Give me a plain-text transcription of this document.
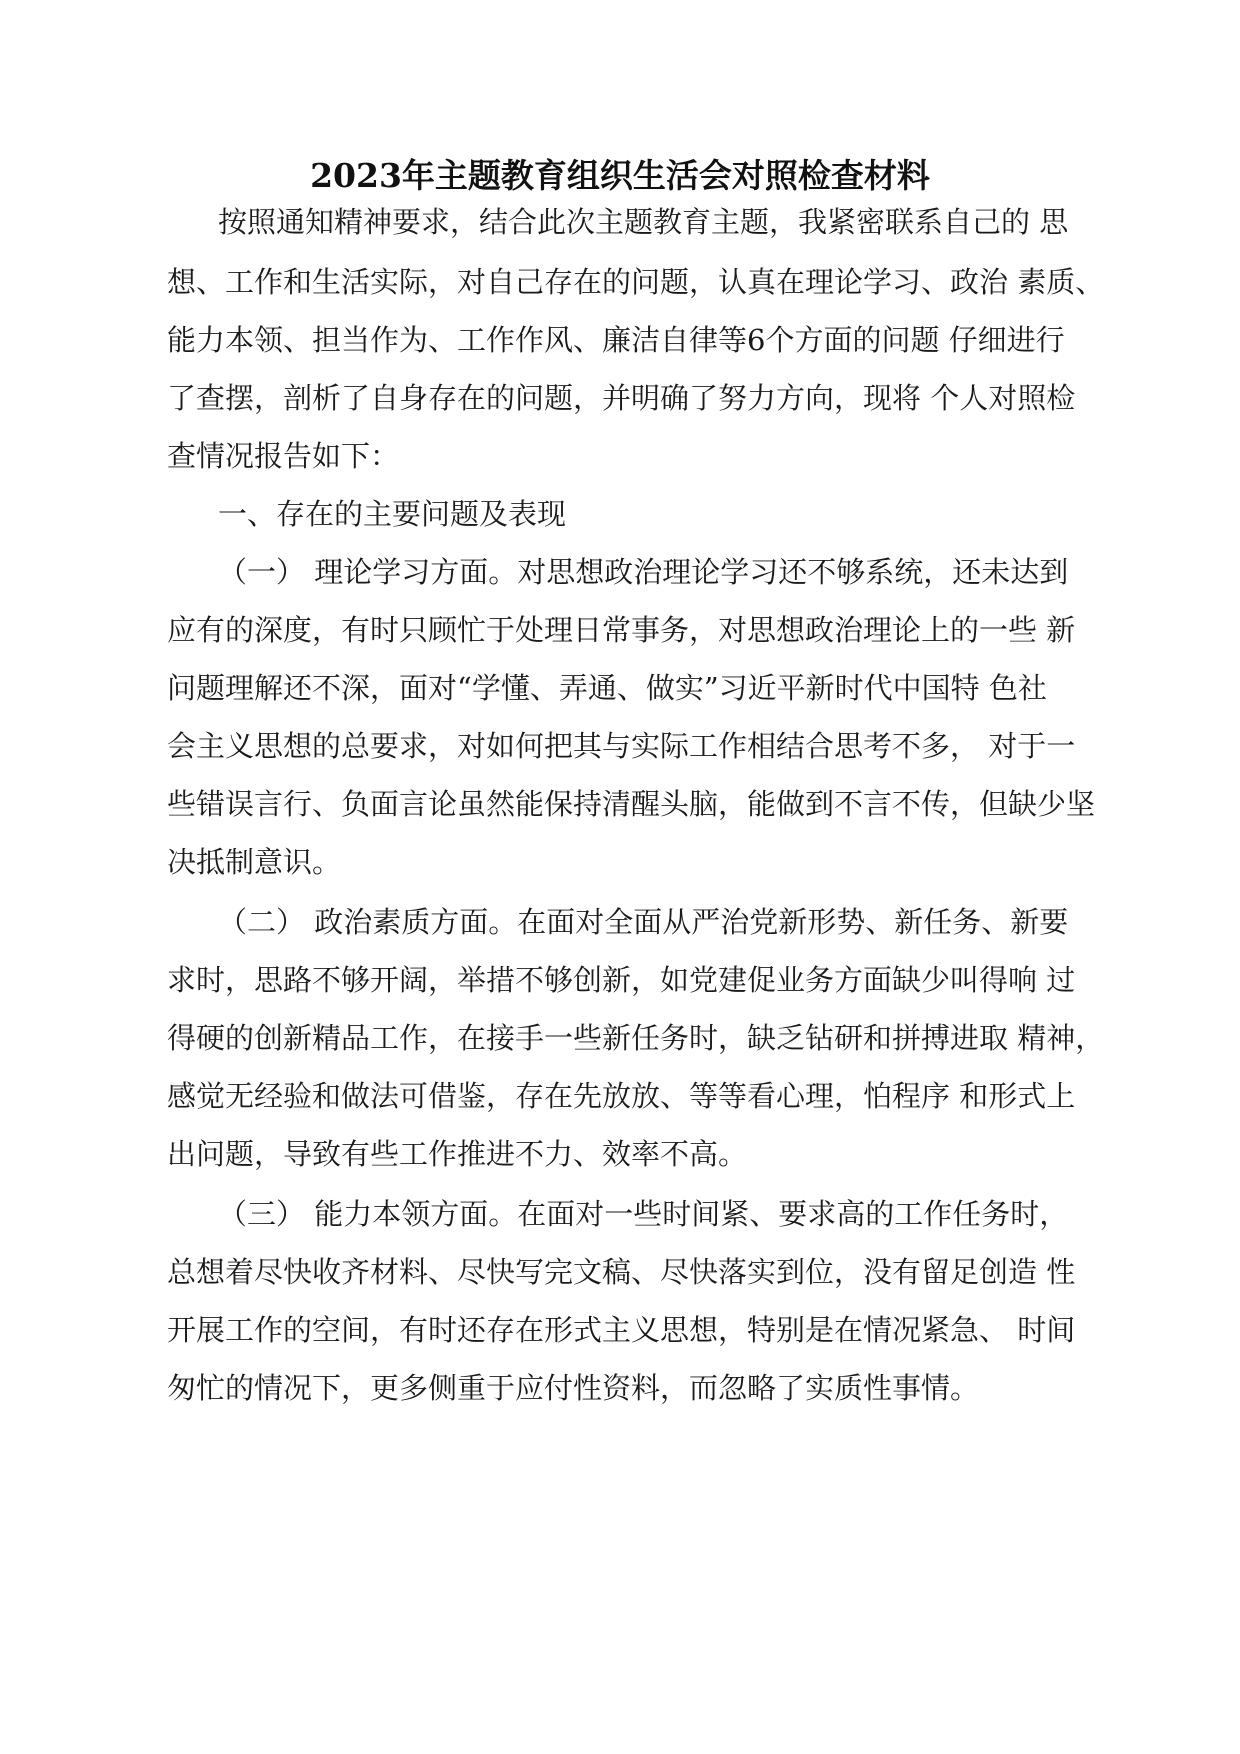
2023年主题教育组织生活会对照检查材料
按照通知精神要求，结合此次主题教育主题，我紧密联系自己的 思
想、工作和生活实际，对自己存在的问题，认真在理论学习、政治 素质、
能力本领、担当作为、工作作风、廉洁自律等6个方面的问题 仔细进行
了查摆，剖析了自身存在的问题，并明确了努力方向，现将 个人对照检
查情况报告如下：
一、存在的主要问题及表现
（一） 理论学习方面。对思想政治理论学习还不够系统，还未达到
应有的深度，有时只顾忙于处理日常事务，对思想政治理论上的一些 新
问题理解还不深，面对“学懂、弄通、做实”习近平新时代中国特 色社
会主义思想的总要求，对如何把其与实际工作相结合思考不多， 对于一
些错误言行、负面言论虽然能保持清醒头脑，能做到不言不传，但缺少坚
决抵制意识。
（二） 政治素质方面。在面对全面从严治党新形势、新任务、新要
求时，思路不够开阔，举措不够创新，如党建促业务方面缺少叫得响 过
得硬的创新精品工作，在接手一些新任务时，缺乏钻研和拼搏进取 精神，
感觉无经验和做法可借鉴，存在先放放、等等看心理，怕程序 和形式上
出问题，导致有些工作推进不力、效率不高。
（三） 能力本领方面。在面对一些时间紧、要求高的工作任务时，
总想着尽快收齐材料、尽快写完文稿、尽快落实到位，没有留足创造 性
开展工作的空间，有时还存在形式主义思想，特别是在情况紧急、 时间
匆忙的情况下，更多侧重于应付性资料，而忽略了实质性事情。
